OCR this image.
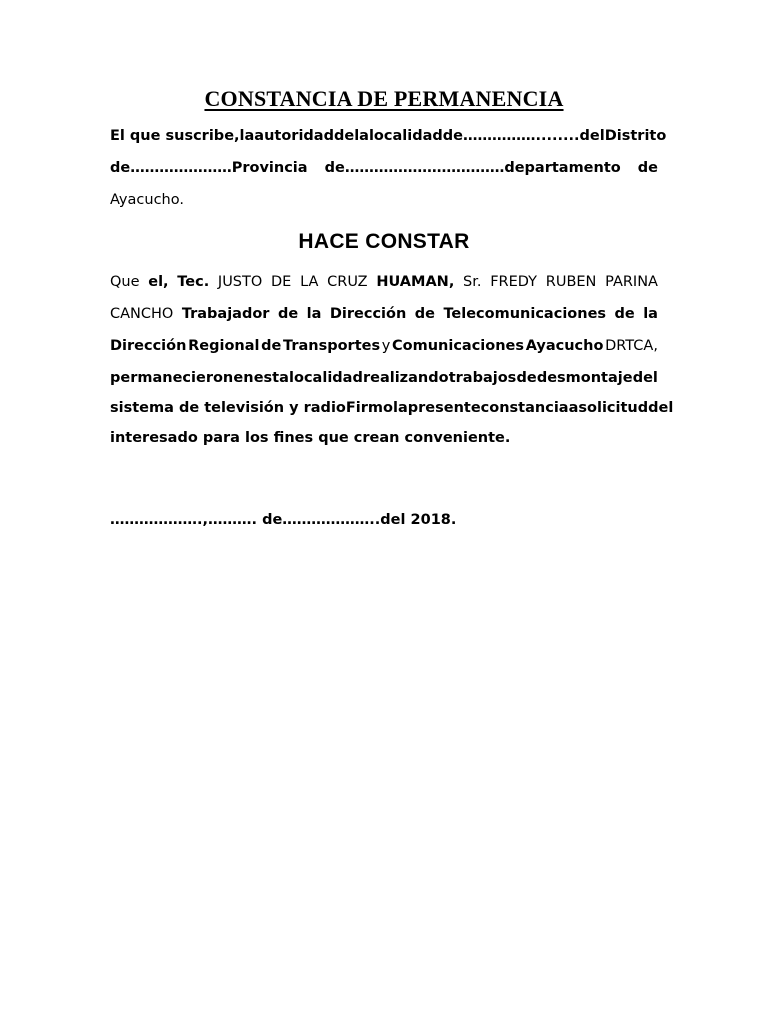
CONSTANCIA DE PERMANENCIA
El que suscribe, la autoridad de la localidad de……………........ del Distrito
de…………………Provincia de……………………………departamento de
Ayacucho.
HACE CONSTAR
Que el, Tec. JUSTO DE LA CRUZ HUAMAN, Sr. FREDY RUBEN PARINA
CANCHO Trabajador de la Dirección de Telecomunicaciones de la
Dirección Regional de Transportes y Comunicaciones Ayacucho DRTCA,
permanecieron en esta localidad realizando trabajos de desmontaje del
sistema de televisión y radio Firmo la presente constancia a solicitud del
interesado para los fines que crean conveniente.
……………….,………. de………………..del 2018.
